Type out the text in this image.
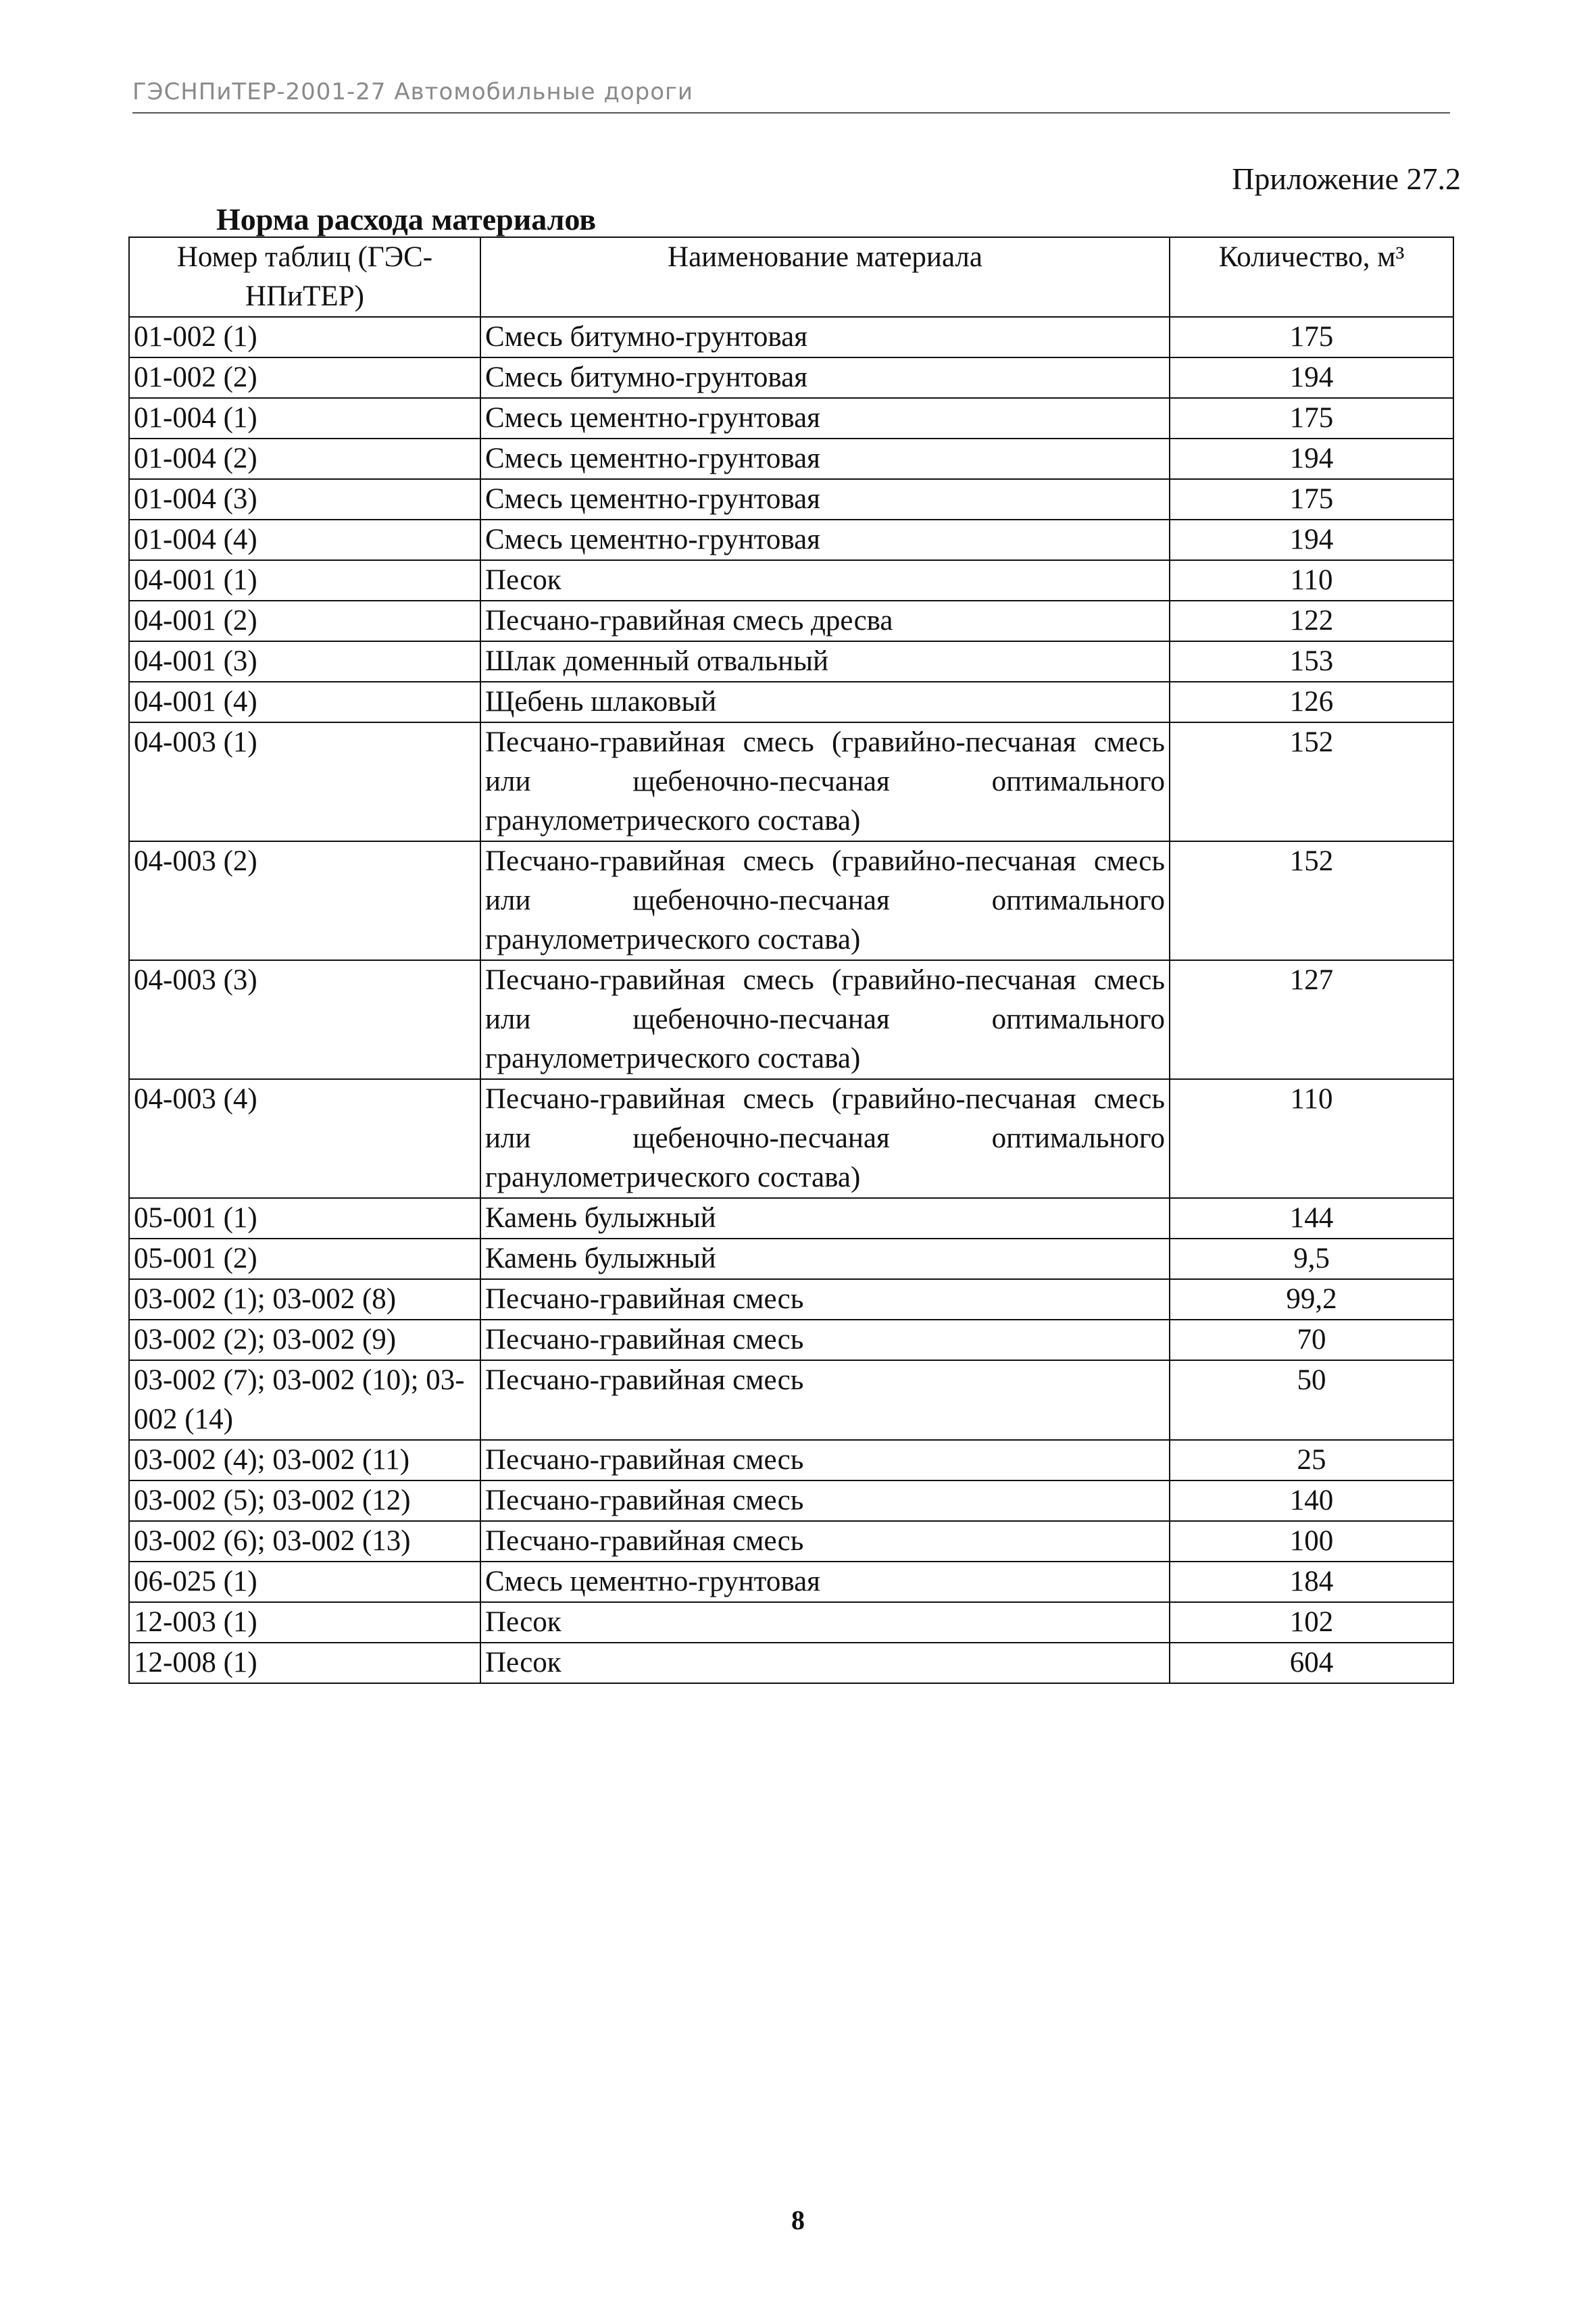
ГЭСНПиТЕР-2001-27 Автомобильные дороги
Приложение 27.2
Норма расхода материалов
Номер таблиц (ГЭС-НПиТЕР)	Наименование материала	Количество, м³
01-002 (1)	Смесь битумно-грунтовая	175
01-002 (2)	Смесь битумно-грунтовая	194
01-004 (1)	Смесь цементно-грунтовая	175
01-004 (2)	Смесь цементно-грунтовая	194
01-004 (3)	Смесь цементно-грунтовая	175
01-004 (4)	Смесь цементно-грунтовая	194
04-001 (1)	Песок	110
04-001 (2)	Песчано-гравийная смесь дресва	122
04-001 (3)	Шлак доменный отвальный	153
04-001 (4)	Щебень шлаковый	126
04-003 (1)	Песчано-гравийная смесь (гравийно-песчаная смесь или щебеночно-песчаная оптимального гранулометрического состава)	152
04-003 (2)	Песчано-гравийная смесь (гравийно-песчаная смесь или щебеночно-песчаная оптимального гранулометрического состава)	152
04-003 (3)	Песчано-гравийная смесь (гравийно-песчаная смесь или щебеночно-песчаная оптимального гранулометрического состава)	127
04-003 (4)	Песчано-гравийная смесь (гравийно-песчаная смесь или щебеночно-песчаная оптимального гранулометрического состава)	110
05-001 (1)	Камень булыжный	144
05-001 (2)	Камень булыжный	9,5
03-002 (1); 03-002 (8)	Песчано-гравийная смесь	99,2
03-002 (2); 03-002 (9)	Песчано-гравийная смесь	70
03-002 (7); 03-002 (10); 03-002 (14)	Песчано-гравийная смесь	50
03-002 (4); 03-002 (11)	Песчано-гравийная смесь	25
03-002 (5); 03-002 (12)	Песчано-гравийная смесь	140
03-002 (6); 03-002 (13)	Песчано-гравийная смесь	100
06-025 (1)	Смесь цементно-грунтовая	184
12-003 (1)	Песок	102
12-008 (1)	Песок	604
8
